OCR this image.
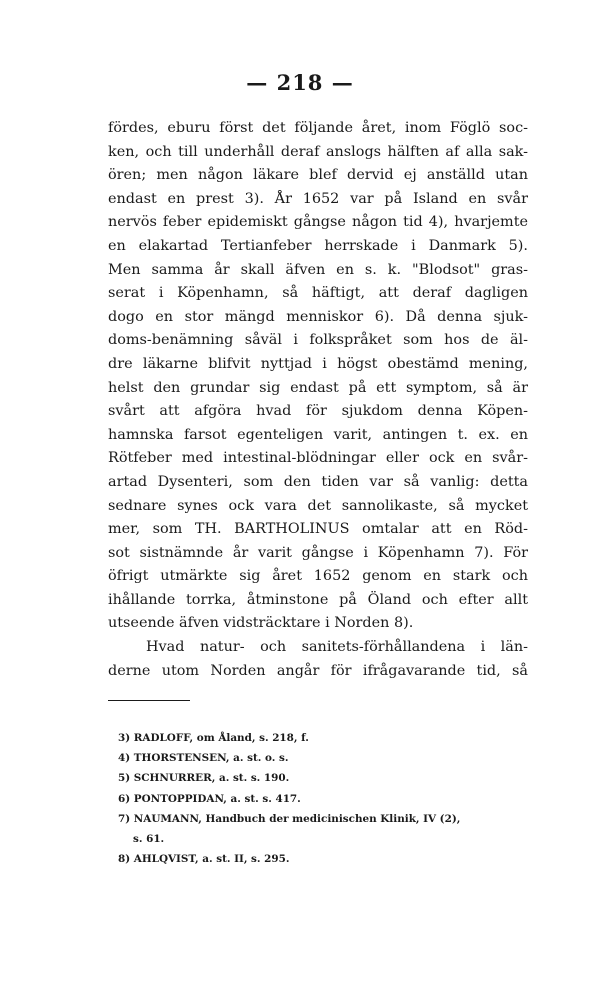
— 218 —
fördes, eburu först det följande året, inom Föglö soc-
ken, och till underhåll deraf anslogs hälften af alla sak-
ören; men någon läkare blef dervid ej anställd utan
endast en prest 3). År 1652 var på Island en svår
nervös feber epidemiskt gångse någon tid 4), hvarjemte
en elakartad Tertianfeber herrskade i Danmark 5).
Men samma år skall äfven en s. k. "Blodsot" gras-
serat i Köpenhamn, så häftigt, att deraf dagligen
dogo en stor mängd menniskor 6). Då denna sjuk-
doms-benämning såväl i folkspråket som hos de äl-
dre läkarne blifvit nyttjad i högst obestämd mening,
helst den grundar sig endast på ett symptom, så är
svårt att afgöra hvad för sjukdom denna Köpen-
hamnska farsot egenteligen varit, antingen t. ex. en
Rötfeber med intestinal-blödningar eller ock en svår-
artad Dysenteri, som den tiden var så vanlig: detta
sednare synes ock vara det sannolikaste, så mycket
mer, som TH. BARTHOLINUS omtalar att en Röd-
sot sistnämnde år varit gångse i Köpenhamn 7). För
öfrigt utmärkte sig året 1652 genom en stark och
ihållande torrka, åtminstone på Öland och efter allt
utseende äfven vidsträcktare i Norden 8).
Hvad natur- och sanitets-förhållandena i län-
derne utom Norden angår för ifrågavarande tid, så
3) RADLOFF, om Åland, s. 218, f.
4) THORSTENSEN, a. st. o. s.
5) SCHNURRER, a. st. s. 190.
6) PONTOPPIDAN, a. st. s. 417.
7) NAUMANN, Handbuch der medicinischen Klinik, IV (2),
s. 61.
8) AHLQVIST, a. st. II, s. 295.
